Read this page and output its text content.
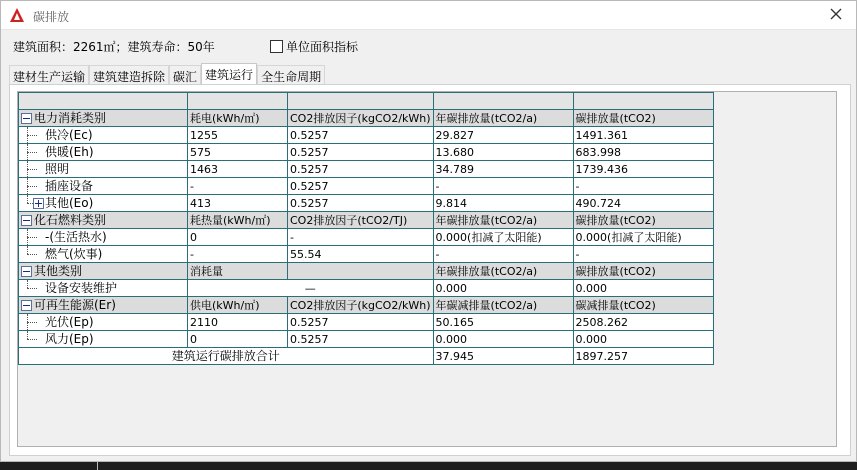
碳排放
建筑面积：2261㎡；建筑寿命：50年	单位面积指标
建材生产运输 建筑建造拆除 碳汇 建筑运行 全生命周期

电力消耗类别	耗电(kWh/㎡)	CO2排放因子(kgCO2/kWh)	年碳排放量(tCO2/a)	碳排放量(tCO2)

供冷(Ec)	1255	0.5257	29.827	1491.361

供暖(Eh)	575	0.5257	13.680	683.998

照明	1463	0.5257	34.789	1739.436

插座设备	-	0.5257	-	-

其他(Eo)	413	0.5257	9.814	490.724

化石燃料类别	耗热量(kWh/㎡)	CO2排放因子(tCO2/TJ)	年碳排放量(tCO2/a)	碳排放量(tCO2)

-(生活热水)	0	-	0.000(扣减了太阳能)	0.000(扣减了太阳能)

燃气(炊事)	-	55.54	-	-

其他类别	消耗量		年碳排放量(tCO2/a)	碳排放量(tCO2)

设备安装维护	—		0.000	0.000

可再生能源(Er)	供电(kWh/㎡)	CO2排放因子(kgCO2/kWh)	年碳减排量(tCO2/a)	碳减排量(tCO2)

光伏(Ep)	2110	0.5257	50.165	2508.262

风力(Ep)	0	0.5257	0.000	0.000
建筑运行碳排放合计			37.945	1897.257
